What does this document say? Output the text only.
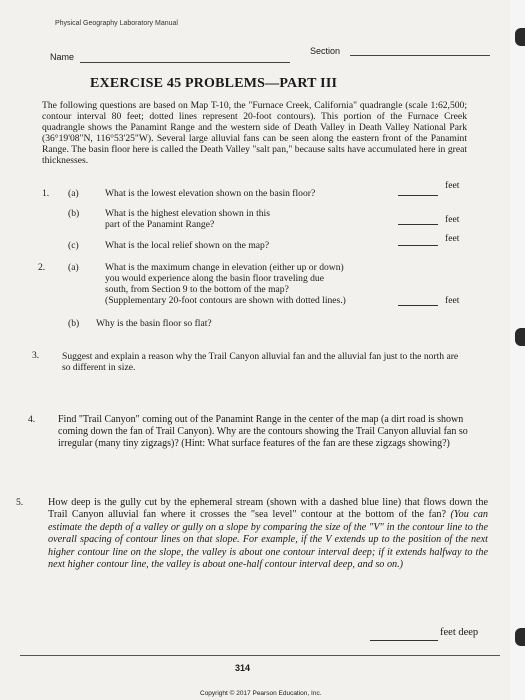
Physical Geography Laboratory Manual
Name
Section
EXERCISE 45 PROBLEMS—PART III
The following questions are based on Map T-10, the "Furnace Creek, California" quadrangle (scale 1:62,500; contour interval 80 feet; dotted lines represent 20-foot contours). This portion of the Furnace Creek quadrangle shows the Panamint Range and the western side of Death Valley in Death Valley National Park (36°19'08"N, 116°53'25"W). Several large alluvial fans can be seen along the eastern front of the Panamint Range. The basin floor here is called the Death Valley "salt pan," because salts have accumulated here in great thicknesses.
1. (a)	What is the lowest elevation shown on the basin floor?
feet
(b)	What is the highest elevation shown in this
part of the Panamint Range?	feet
(c)	What is the local relief shown on the map?
feet
2. (a)	What is the maximum change in elevation (either up or down)
you would experience along the basin floor traveling due
south, from Section 9 to the bottom of the map?
(Supplementary 20-foot contours are shown with dotted lines.)	feet
(b) Why is the basin floor so flat?
3. Suggest and explain a reason why the Trail Canyon alluvial fan and the alluvial fan just to the north are so different in size.
4. Find "Trail Canyon" coming out of the Panamint Range in the center of the map (a dirt road is shown coming down the fan of Trail Canyon). Why are the contours showing the Trail Canyon alluvial fan so irregular (many tiny zigzags)? (Hint: What surface features of the fan are these zigzags showing?)
5. How deep is the gully cut by the ephemeral stream (shown with a dashed blue line) that flows down the Trail Canyon alluvial fan where it crosses the "sea level" contour at the bottom of the fan? (You can estimate the depth of a valley or gully on a slope by comparing the size of the "V" in the contour line to the overall spacing of contour lines on that slope. For example, if the V extends up to the position of the next higher contour line on the slope, the valley is about one contour interval deep; if it extends halfway to the next higher contour line, the valley is about one-half contour interval deep, and so on.)
feet deep
314
Copyright © 2017 Pearson Education, Inc.
